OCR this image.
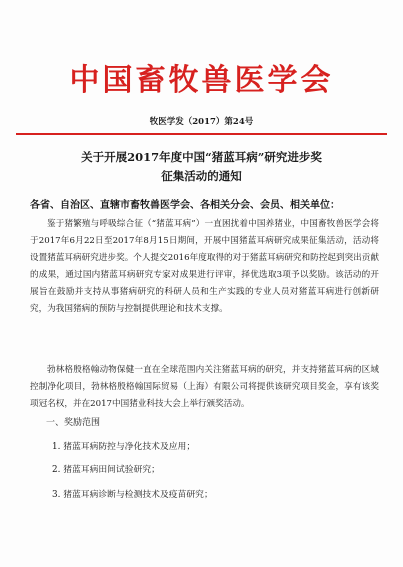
中国畜牧兽医学会
牧医学发（2017）第24号
关于开展2017年度中国“猪蓝耳病”研究进步奖
征集活动的通知
各省、自治区、直辖市畜牧兽医学会、各相关分会、会员、相关单位：

鉴于猪繁殖与呼吸综合征（“猪蓝耳病”）一直困扰着中国养猪业，中国畜牧兽医学会将于2017年6月22日至2017年8月15日期间，开展中国猪蓝耳病研究成果征集活动，活动将设置猪蓝耳病研究进步奖。个人提交2016年度取得的对于猪蓝耳病研究和防控起到突出贡献的成果，通过国内猪蓝耳病研究专家对成果进行评审，择优选取3项予以奖励。该活动的开展旨在鼓励并支持从事猪病研究的科研人员和生产实践的专业人员对猪蓝耳病进行创新研究，为我国猪病的预防与控制提供理论和技术支撑。

勃林格殷格翰动物保健一直在全球范围内关注猪蓝耳病的研究，并支持猪蓝耳病的区域控制净化项目，勃林格殷格翰国际贸易（上海）有限公司将提供该研究项目奖金，享有该奖项冠名权，并在2017中国猪业科技大会上举行颁奖活动。

一、奖励范围
1. 猪蓝耳病防控与净化技术及应用；
2. 猪蓝耳病田间试验研究；
3. 猪蓝耳病诊断与检测技术及疫苗研究；
